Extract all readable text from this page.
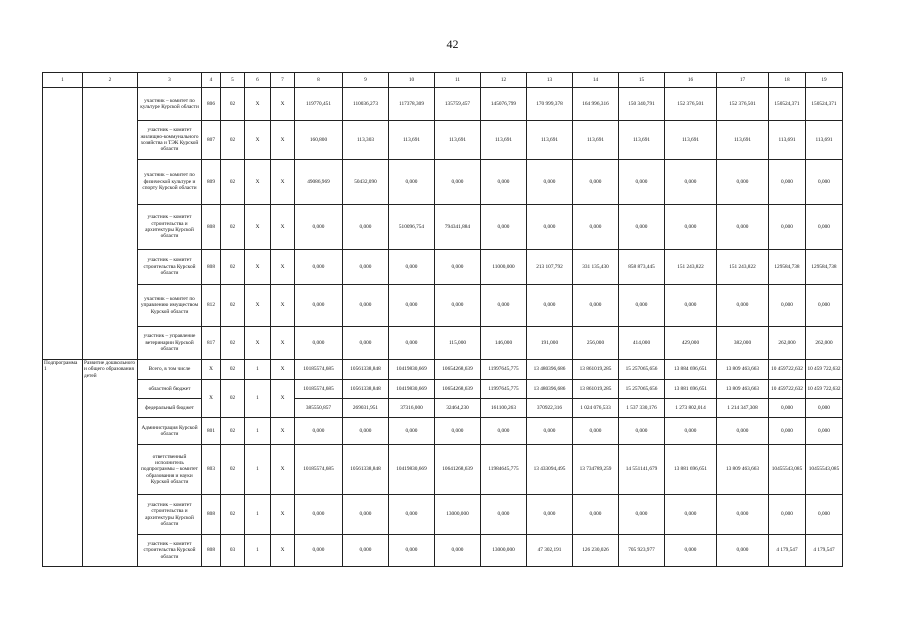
42
1	2	3	4	5	6	7	8	9	10	11	12	13	14	15	16	17	18	19
		участник – комитет по культуре Курской области	806	02	Х	Х	119770,451	110036,273	117378,309	135759,457	145076,799	170 999,378	164 996,316	150 340,791	152 376,501	152 376,501	150524,371	150524,371
		участник – комитет жилищно-коммунального хозяйства и ТЭК Курской области	807	02	Х	Х	160,800	113,303	113,691	113,691	113,691	113,691	113,691	113,691	113,691	113,691	113,691	113,691
		участник – комитет по физической культуре и спорту Курской области	809	02	Х	Х	49086,969	50432,090	0,000	0,000	0,000	0,000	0,000	0,000	0,000	0,000	0,000	0,000
		участник – комитет строительства и архитектуры Курской области	808	02	Х	Х	0,000	0,000	510096,754	794341,884	0,000	0,000	0,000	0,000	0,000	0,000	0,000	0,000
		участник – комитет строительства Курской области	808	02	Х	Х	0,000	0,000	0,000	0,000	11000,000	213 107,792	331 135,430	858 873,445	151 243,822	151 243,822	129584,738	129584,738
		участник – комитет по управлению имуществом Курской области	812	02	Х	Х	0,000	0,000	0,000	0,000	0,000	0,000	0,000	0,000	0,000	0,000	0,000	0,000
		участник – управление ветеринарии Курской области	817	02	Х	Х	0,000	0,000	0,000	115,000	146,000	191,000	256,000	414,000	429,000	382,000	262,000	262,000
Подпрограмма 1	Развитие дошкольного и общего образования детей	Всего, в том числе	Х	02	1	Х	10185574,685	10561338,848	10419830,669	10654268,639	11997645,775	13 480396,686	13 861019,285	15 257065,656	13 884 696,651	13 809 463,663	10 459722,632	10 459 722,632
		областной бюджет	Х	02	1	Х	10185574,685	10561338,848	10419830,669	10654268,639	11997645,775	13 480396,686	13 861019,285	15 257065,656	13 881 696,651	13 809 463,663	10 459722,632	10 459 722,632
		федеральный бюджет					385550,857	269031,951	37316,000	32464,230	161100,263	370922,316	1 024 076,533	1 537 330,176	1 273 802,014	1 214 347,308	0,000	0,000
		Администрация Курской области	801	02	1	Х	0,000	0,000	0,000	0,000	0,000	0,000	0,000	0,000	0,000	0,000	0,000	0,000
		ответственный исполнитель подпрограммы – комитет образования и науки Курской области	803	02	1	Х	10185574,685	10561338,848	10419830,669	10641268,639	11984645,775	13 433094,495	13 734789,259	14 551141,679	13 881 696,651	13 809 463,663	10455543,085	10455543,085
		участник – комитет строительства и архитектуры Курской области	808	02	1	Х	0,000	0,000	0,000	13000,000	0,000	0,000	0,000	0,000	0,000	0,000	0,000	0,000
		участник – комитет строительства Курской области	808	03	1	Х	0,000	0,000	0,000	0,000	13000,000	47 302,191	126 230,026	705 923,977	0,000	0,000	4 179,547	4 179,547
